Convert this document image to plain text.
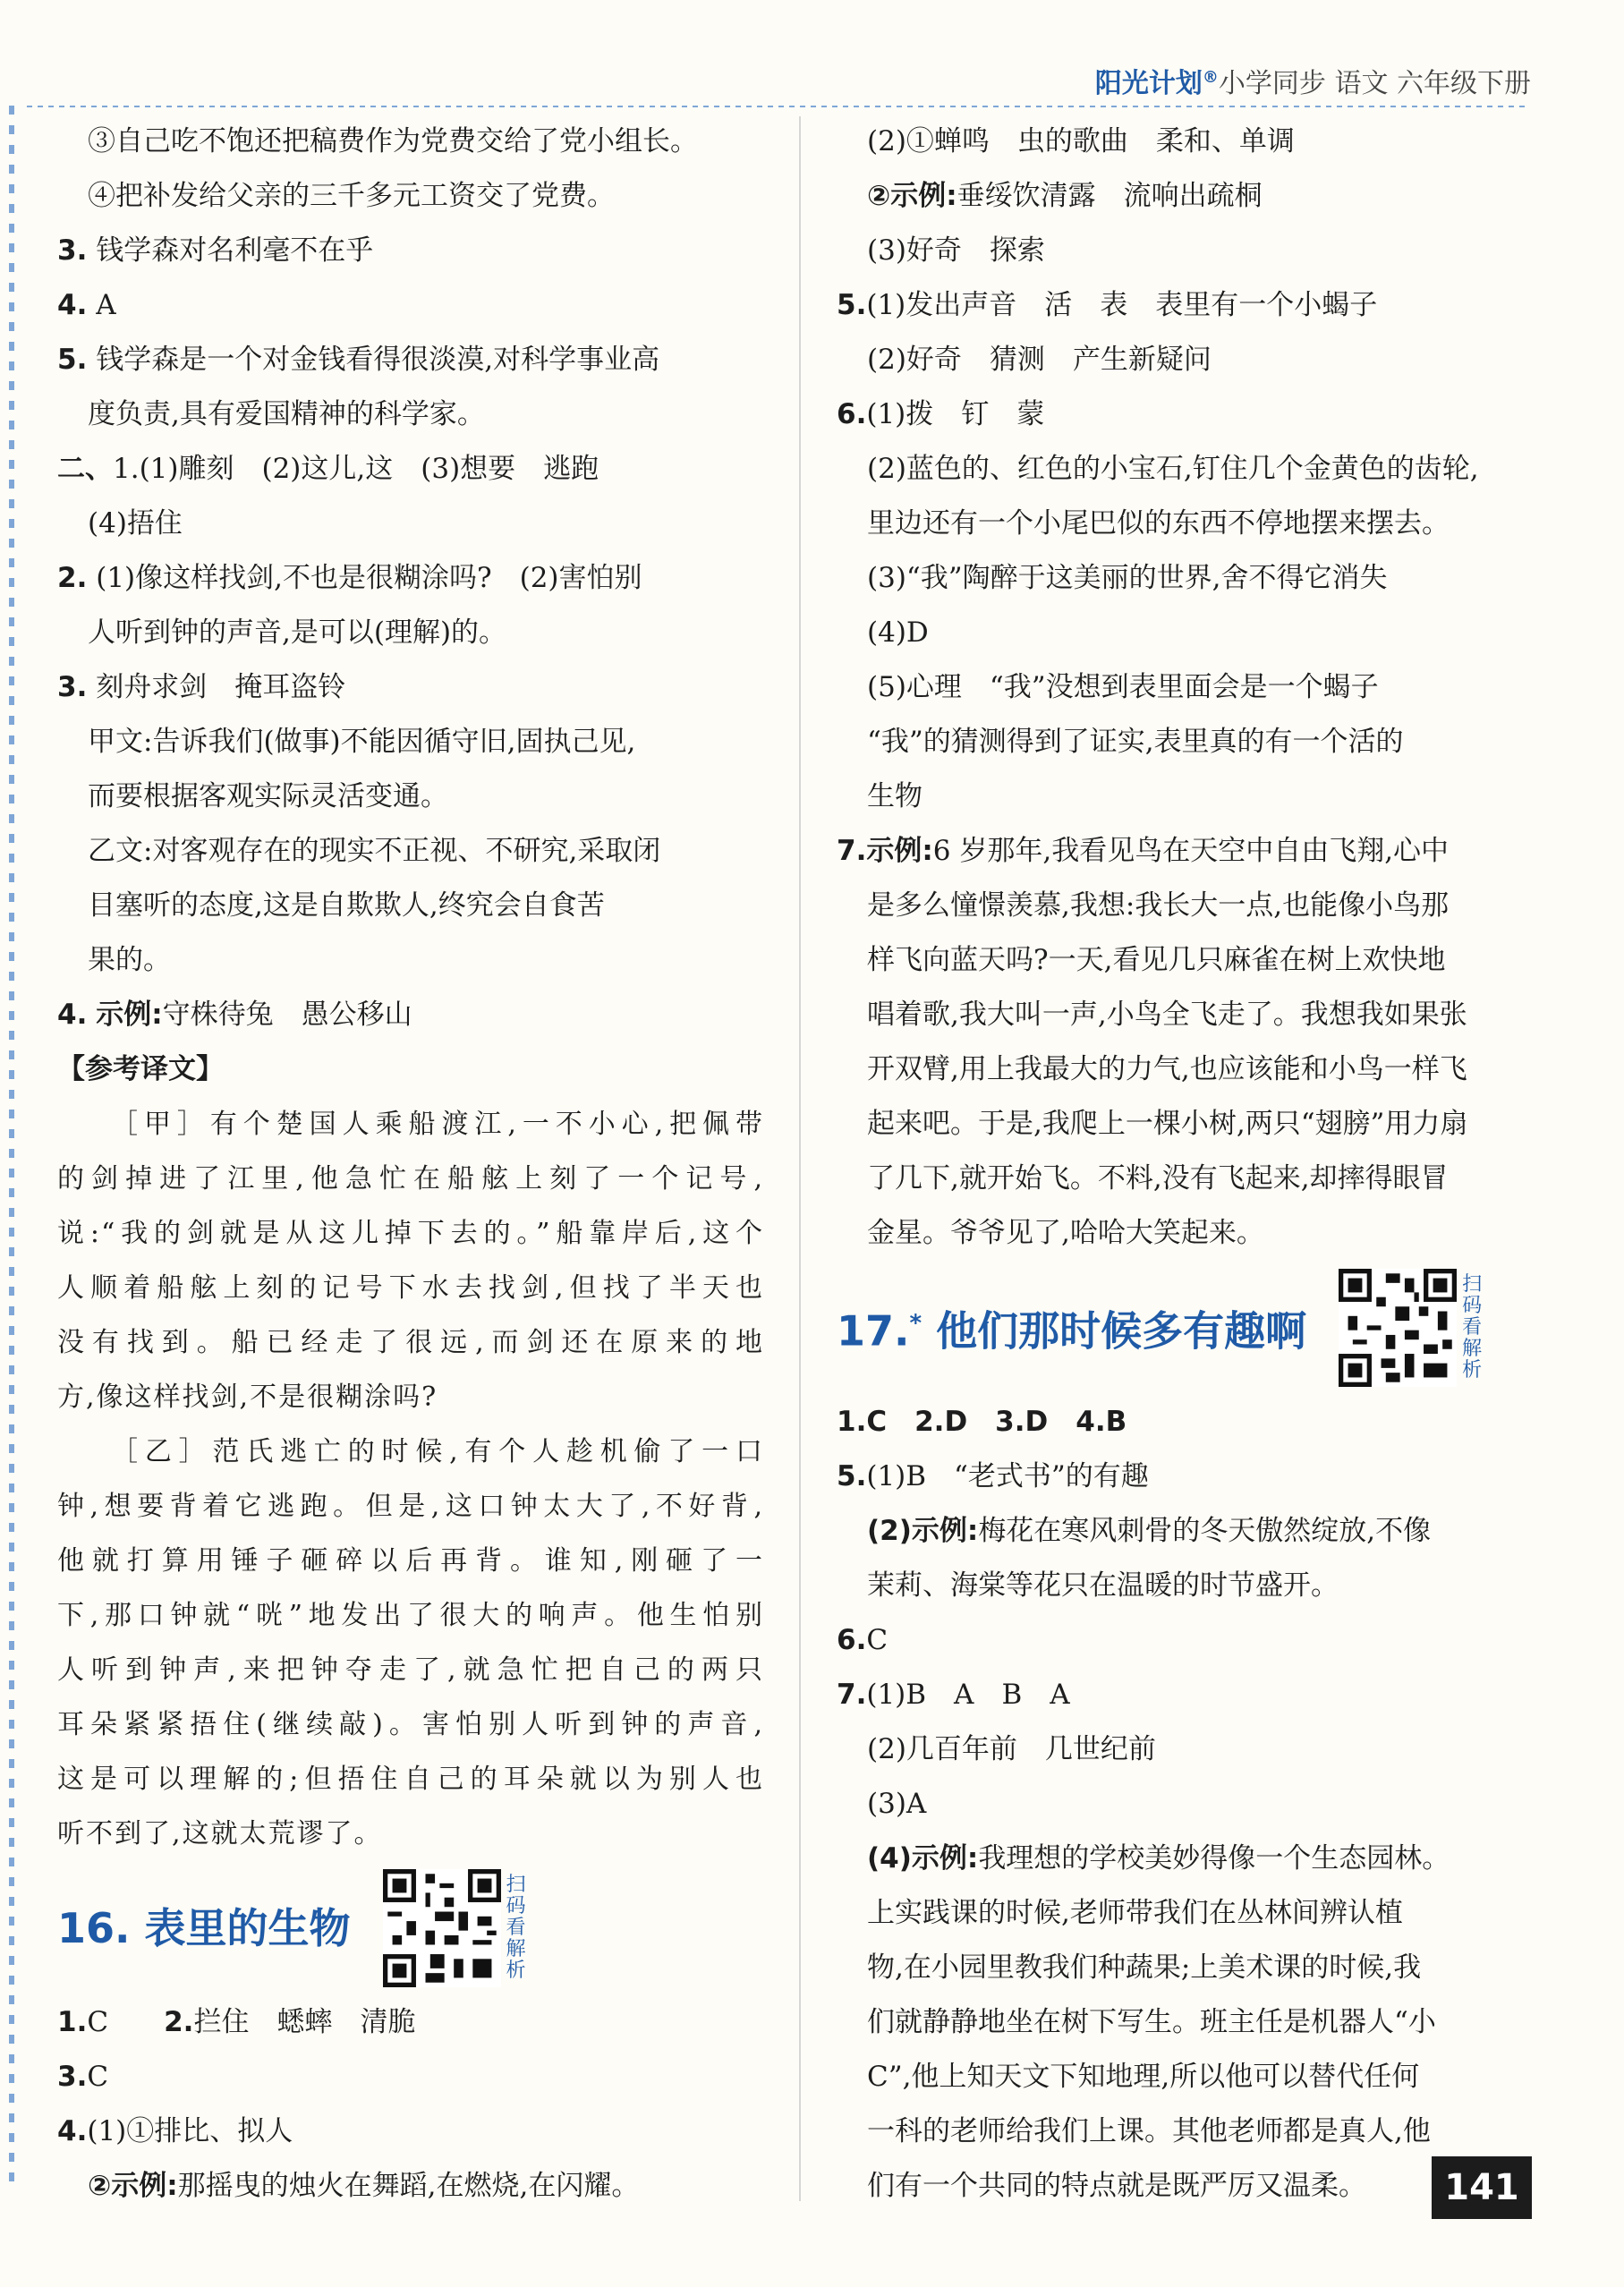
阳光计划®小学同步 语文 六年级下册
③自己吃不饱还把稿费作为党费交给了党小组长。
④把补发给父亲的三千多元工资交了党费。
3. 钱学森对名利毫不在乎
4. A
5. 钱学森是一个对金钱看得很淡漠,对科学事业高
度负责,具有爱国精神的科学家。
二、1.(1)雕刻　(2)这儿,这　(3)想要　逃跑
(4)捂住
2. (1)像这样找剑,不也是很糊涂吗?　(2)害怕别
人听到钟的声音,是可以(理解)的。
3. 刻舟求剑　掩耳盗铃
甲文:告诉我们(做事)不能因循守旧,固执己见,
而要根据客观实际灵活变通。
乙文:对客观存在的现实不正视、不研究,采取闭
目塞听的态度,这是自欺欺人,终究会自食苦
果的。
4. 示例:守株待兔　愚公移山
【参考译文】
［甲］有个楚国人乘船渡江,一不小心,把佩带
的剑掉进了江里,他急忙在船舷上刻了一个记号,
说:“我的剑就是从这儿掉下去的。”船靠岸后,这个
人顺着船舷上刻的记号下水去找剑,但找了半天也
没有找到。船已经走了很远,而剑还在原来的地
方,像这样找剑,不是很糊涂吗?
［乙］范氏逃亡的时候,有个人趁机偷了一口
钟,想要背着它逃跑。但是,这口钟太大了,不好背,
他就打算用锤子砸碎以后再背。谁知,刚砸了一
下,那口钟就“咣”地发出了很大的响声。他生怕别
人听到钟声,来把钟夺走了,就急忙把自己的两只
耳朵紧紧捂住(继续敲)。害怕别人听到钟的声音,
这是可以理解的;但捂住自己的耳朵就以为别人也
听不到了,这就太荒谬了。
16. 表里的生物
扫码看解析
1.C　　2.拦住　蟋蟀　清脆
3.C
4.(1)①排比、拟人
②示例:那摇曳的烛火在舞蹈,在燃烧,在闪耀。
(2)①蝉鸣　虫的歌曲　柔和、单调
②示例:垂绥饮清露　流响出疏桐
(3)好奇　探索
5.(1)发出声音　活　表　表里有一个小蝎子
(2)好奇　猜测　产生新疑问
6.(1)拨　钉　蒙
(2)蓝色的、红色的小宝石,钉住几个金黄色的齿轮,
里边还有一个小尾巴似的东西不停地摆来摆去。
(3)“我”陶醉于这美丽的世界,舍不得它消失
(4)D
(5)心理　“我”没想到表里面会是一个蝎子
“我”的猜测得到了证实,表里真的有一个活的
生物
7.示例:6 岁那年,我看见鸟在天空中自由飞翔,心中
是多么憧憬羡慕,我想:我长大一点,也能像小鸟那
样飞向蓝天吗?一天,看见几只麻雀在树上欢快地
唱着歌,我大叫一声,小鸟全飞走了。我想我如果张
开双臂,用上我最大的力气,也应该能和小鸟一样飞
起来吧。于是,我爬上一棵小树,两只“翅膀”用力扇
了几下,就开始飞。不料,没有飞起来,却摔得眼冒
金星。爷爷见了,哈哈大笑起来。
17.* 他们那时候多有趣啊
扫码看解析
1.C　2.D　3.D　4.B
5.(1)B　“老式书”的有趣
(2)示例:梅花在寒风刺骨的冬天傲然绽放,不像
茉莉、海棠等花只在温暖的时节盛开。
6.C
7.(1)B　A　B　A
(2)几百年前　几世纪前
(3)A
(4)示例:我理想的学校美妙得像一个生态园林。
上实践课的时候,老师带我们在丛林间辨认植
物,在小园里教我们种蔬果;上美术课的时候,我
们就静静地坐在树下写生。班主任是机器人“小
C”,他上知天文下知地理,所以他可以替代任何
一科的老师给我们上课。其他老师都是真人,他
们有一个共同的特点就是既严厉又温柔。	141
